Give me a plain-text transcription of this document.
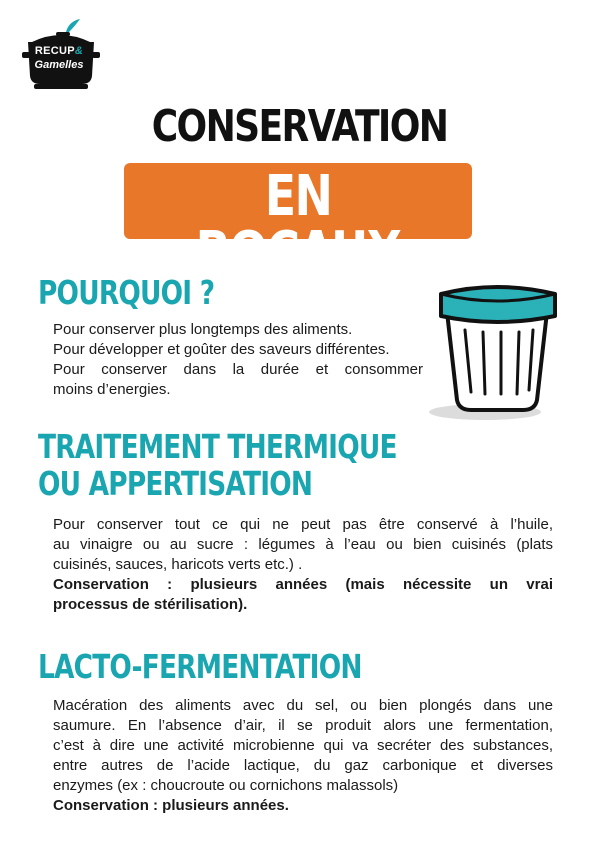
RECUP&
Gamelles
CONSERVATION
EN BOCAUX
POURQUOI ?
Pour conserver plus longtemps des aliments.
Pour développer et goûter des saveurs différentes.
Pour conserver dans la durée et consommer
moins d’energies.
TRAITEMENT THERMIQUE
OU APPERTISATION
Pour conserver tout ce qui ne peut pas être conservé à l’huile,
au vinaigre ou au sucre : légumes à l’eau ou bien cuisinés (plats
cuisinés, sauces, haricots verts etc.) .
Conservation : plusieurs années (mais nécessite un vrai
processus de stérilisation).
LACTO-FERMENTATION
Macération des aliments avec du sel, ou bien plongés dans une
saumure. En l’absence d’air, il se produit alors une fermentation,
c’est à dire une activité microbienne qui va secréter des substances,
entre autres de l’acide lactique, du gaz carbonique et diverses
enzymes (ex : choucroute ou cornichons malassols)
Conservation : plusieurs années.
